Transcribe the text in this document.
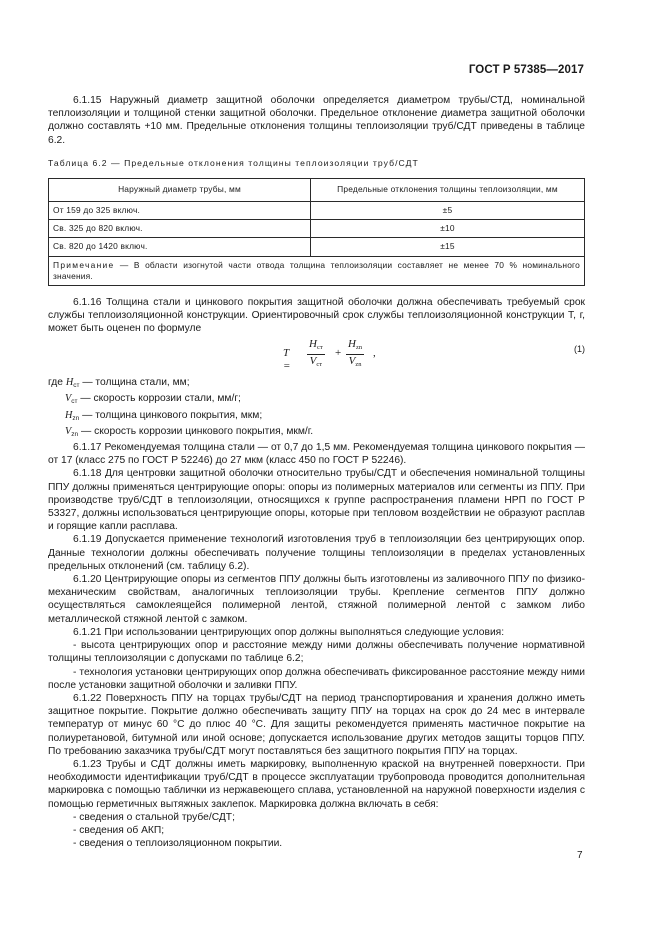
ГОСТ Р 57385—2017

6.1.15 Наружный диаметр защитной оболочки определяется диаметром трубы/СТД, номинальной теплоизоляции и толщиной стенки защитной оболочки. Предельное отклонение диаметра защитной оболочки должно составлять +10 мм. Предельные отклонения толщины теплоизоляции труб/СДТ приведены в таблице 6.2.

Таблица 6.2 — Предельные отклонения толщины теплоизоляции труб/СДТ
Наружный диаметр трубы, мм	Предельные отклонения толщины теплоизоляции, мм
От 159 до 325 включ.	±5
Св. 325 до 820 включ.	±10
Св. 820 до 1420 включ.	±15
Примечание — В области изогнутой части отвода толщина теплоизоляции составляет не менее 70 % номинального значения.	

6.1.16 Толщина стали и цинкового покрытия защитной оболочки должна обеспечивать требуемый срок службы теплоизоляционной конструкции. Ориентировочный срок службы теплоизоляционной конструкции T, г, может быть оценен по формуле

T =
$H_{ст}$
$V_{ст}$
+
$H_{zn}$
$V_{zn}$
,	(1)

где $H_{ст}$ — толщина стали, мм;

$V_{ст}$ — скорость коррозии стали, мм/г;

$H_{zn}$ — толщина цинкового покрытия, мкм;

$V_{zn}$ — скорость коррозии цинкового покрытия, мкм/г.

6.1.17 Рекомендуемая толщина стали — от 0,7 до 1,5 мм. Рекомендуемая толщина цинкового покрытия — от 17 (класс 275 по ГОСТ Р 52246) до 27 мкм (класс 450 по ГОСТ Р 52246).

6.1.18 Для центровки защитной оболочки относительно трубы/СДТ и обеспечения номинальной толщины ППУ должны применяться центрирующие опоры: опоры из полимерных материалов или сегменты из ППУ. При производстве труб/СДТ в теплоизоляции, относящихся к группе распространения пламени НРП по ГОСТ Р 53327, должны использоваться центрирующие опоры, которые при тепловом воздействии не образуют расплав и горящие капли расплава.

6.1.19 Допускается применение технологий изготовления труб в теплоизоляции без центрирующих опор. Данные технологии должны обеспечивать получение толщины теплоизоляции в пределах установленных предельных отклонений (см. таблицу 6.2).

6.1.20 Центрирующие опоры из сегментов ППУ должны быть изготовлены из заливочного ППУ по физико-механическим свойствам, аналогичных теплоизоляции трубы. Крепление сегментов ППУ должно осуществляться самоклеящейся полимерной лентой, стяжной полимерной лентой с замком либо металлической стяжной лентой с замком.

6.1.21 При использовании центрирующих опор должны выполняться следующие условия:

- высота центрирующих опор и расстояние между ними должны обеспечивать получение нормативной толщины теплоизоляции с допусками по таблице 6.2;

- технология установки центрирующих опор должна обеспечивать фиксированное расстояние между ними после установки защитной оболочки и заливки ППУ.

6.1.22 Поверхность ППУ на торцах трубы/СДТ на период транспортирования и хранения должно иметь защитное покрытие. Покрытие должно обеспечивать защиту ППУ на торцах на срок до 24 мес в интервале температур от минус 60 °С до плюс 40 °С. Для защиты рекомендуется применять мастичное покрытие на полиуретановой, битумной или иной основе; допускается использование других методов защиты торцов ППУ. По требованию заказчика трубы/СДТ могут поставляться без защитного покрытия ППУ на торцах.

6.1.23 Трубы и СДТ должны иметь маркировку, выполненную краской на внутренней поверхности. При необходимости идентификации труб/СДТ в процессе эксплуатации трубопровода проводится дополнительная маркировка с помощью таблички из нержавеющего сплава, установленной на наружной поверхности изделия с помощью герметичных вытяжных заклепок. Маркировка должна включать в себя:

- сведения о стальной трубе/СДТ;

- сведения об АКП;

- сведения о теплоизоляционном покрытии.

7
